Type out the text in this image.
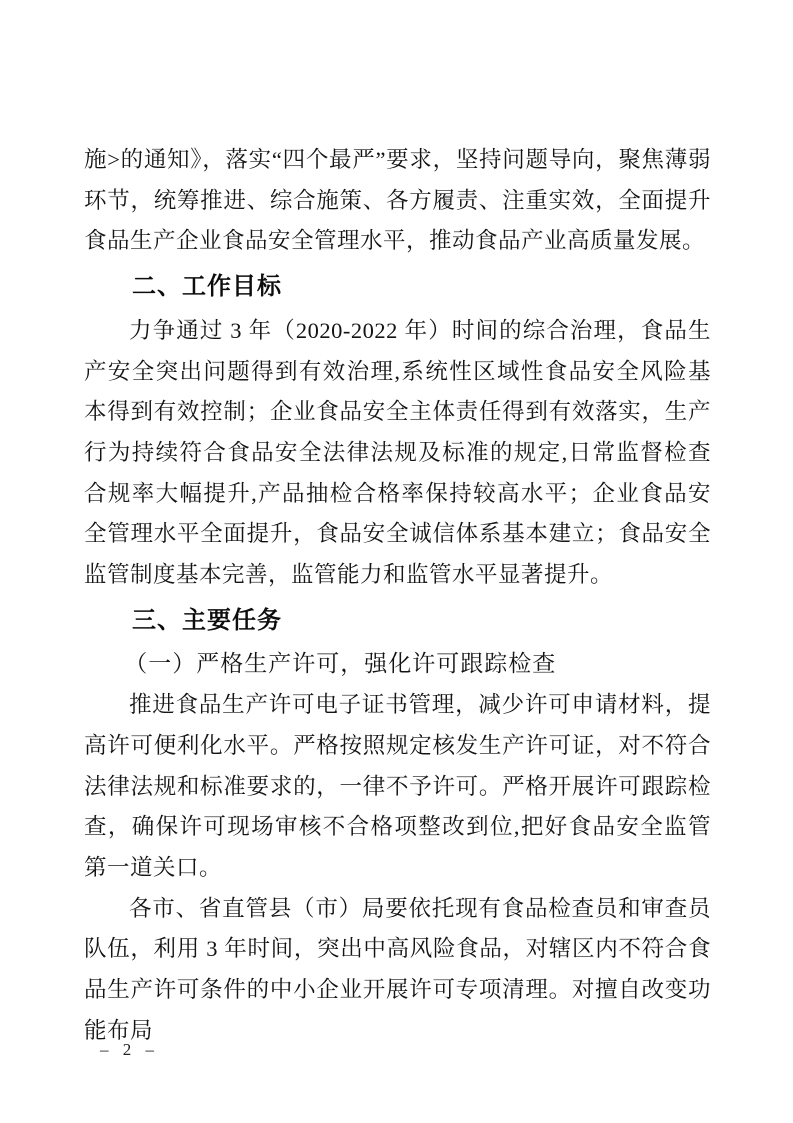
施>的通知》，落实“四个最严”要求，坚持问题导向，聚焦薄弱环节，统筹推进、综合施策、各方履责、注重实效，全面提升食品生产企业食品安全管理水平，推动食品产业高质量发展。

二、工作目标

力争通过 3 年（2020-2022 年）时间的综合治理，食品生产安全突出问题得到有效治理,系统性区域性食品安全风险基本得到有效控制；企业食品安全主体责任得到有效落实，生产行为持续符合食品安全法律法规及标准的规定,日常监督检查合规率大幅提升,产品抽检合格率保持较高水平；企业食品安全管理水平全面提升，食品安全诚信体系基本建立；食品安全监管制度基本完善，监管能力和监管水平显著提升。

三、主要任务

（一）严格生产许可，强化许可跟踪检查

推进食品生产许可电子证书管理，减少许可申请材料，提高许可便利化水平。严格按照规定核发生产许可证，对不符合法律法规和标准要求的，一律不予许可。严格开展许可跟踪检查，确保许可现场审核不合格项整改到位,把好食品安全监管第一道关口。

各市、省直管县（市）局要依托现有食品检查员和审查员队伍，利用 3 年时间，突出中高风险食品，对辖区内不符合食品生产许可条件的中小企业开展许可专项清理。对擅自改变功能布局

– 2 –
